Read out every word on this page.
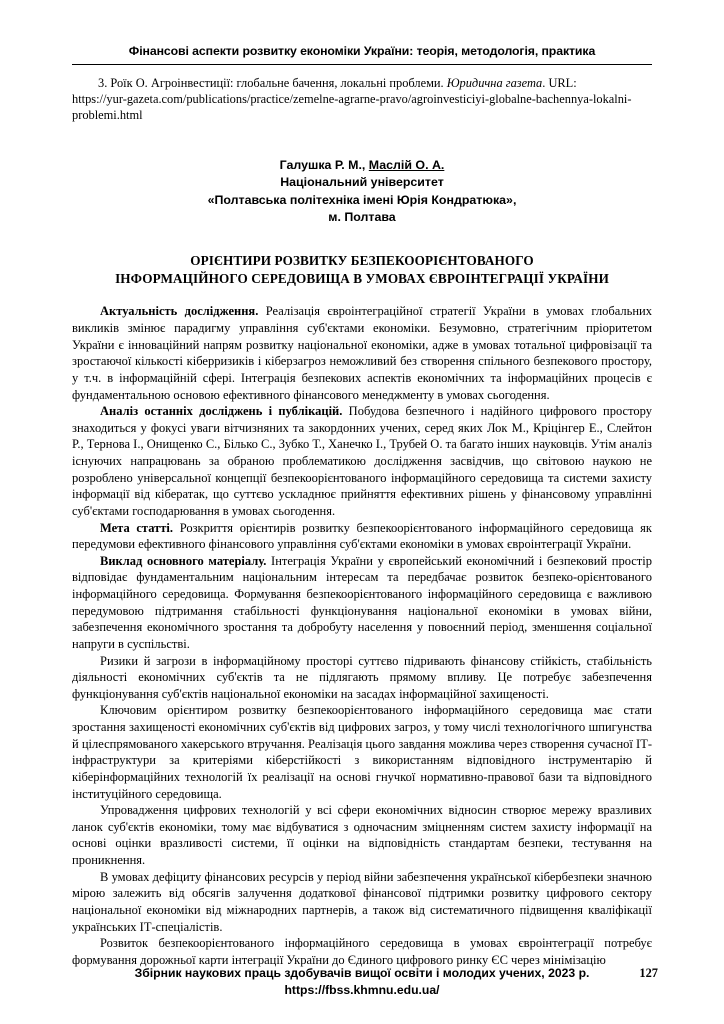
Фінансові аспекти розвитку економіки України: теорія, методологія, практика
3. Роїк О. Агроінвестиції: глобальне бачення, локальні проблеми. Юридична газета. URL:
https://yur-gazeta.com/publications/practice/zemelne-agrarne-pravo/agroinvesticiyi-globalne-bachennya-lokalni-problemi.html
Галушка Р. М., Маслій О. А.
Національний університет
«Полтавська політехніка імені Юрія Кондратюка»,
м. Полтава
ОРІЄНТИРИ РОЗВИТКУ БЕЗПЕКООРІЄНТОВАНОГО
ІНФОРМАЦІЙНОГО СЕРЕДОВИЩА В УМОВАХ ЄВРОІНТЕГРАЦІЇ УКРАЇНИ

Актуальність дослідження. Реалізація євроінтеграційної стратегії України в умовах глобальних викликів змінює парадигму управління суб'єктами економіки. Безумовно, стратегічним пріоритетом України є інноваційний напрям розвитку національної економіки, адже в умовах тотальної цифровізації та зростаючої кількості кіберризиків і кіберзагроз неможливий без створення спільного безпекового простору, у т.ч. в інформаційній сфері. Інтеграція безпекових аспектів економічних та інформаційних процесів є фундаментальною основою ефективного фінансового менеджменту в умовах сьогодення.

Аналіз останніх досліджень і публікацій. Побудова безпечного і надійного цифрового простору знаходиться у фокусі уваги вітчизняних та закордонних учених, серед яких Лок М., Кріцінгер Е., Слейтон Р., Тернова І., Онищенко С., Білько С., Зубко Т., Ханечко І., Трубей О. та багато інших науковців. Утім аналіз існуючих напрацювань за обраною проблематикою дослідження засвідчив, що світовою наукою не розроблено універсальної концепції безпекоорієнтованого інформаційного середовища та системи захисту інформації від кібератак, що суттєво ускладнює прийняття ефективних рішень у фінансовому управлінні суб'єктами господарювання в умовах сьогодення.

Мета статті. Розкриття орієнтирів розвитку безпекоорієнтованого інформаційного середовища як передумови ефективного фінансового управління суб'єктами економіки в умовах євроінтеграції України.

Виклад основного матеріалу. Інтеграція України у європейський економічний і безпековий простір відповідає фундаментальним національним інтересам та передбачає розвиток безпеко-орієнтованого інформаційного середовища. Формування безпекоорієнтованого інформаційного середовища є важливою передумовою підтримання стабільності функціонування національної економіки в умовах війни, забезпечення економічного зростання та добробуту населення у повоєнний період, зменшення соціальної напруги в суспільстві.

Ризики й загрози в інформаційному просторі суттєво підривають фінансову стійкість, стабільність діяльності економічних суб'єктів та не підлягають прямому впливу. Це потребує забезпечення функціонування суб'єктів національної економіки на засадах інформаційної захищеності.

Ключовим орієнтиром розвитку безпекоорієнтованого інформаційного середовища має стати зростання захищеності економічних суб'єктів від цифрових загроз, у тому числі технологічного шпигунства й цілеспрямованого хакерського втручання. Реалізація цього завдання можлива через створення сучасної ІТ-інфраструктури за критеріями кіберстійкості з використанням відповідного інструментарію й кіберінформаційних технологій їх реалізації на основі гнучкої нормативно-правової бази та відповідного інституційного середовища.

Упровадження цифрових технологій у всі сфери економічних відносин створює мережу вразливих ланок суб'єктів економіки, тому має відбуватися з одночасним зміцненням систем захисту інформації на основі оцінки вразливості системи, її оцінки на відповідність стандартам безпеки, тестування на проникнення.

В умовах дефіциту фінансових ресурсів у період війни забезпечення української кібербезпеки значною мірою залежить від обсягів залучення додаткової фінансової підтримки розвитку цифрового сектору національної економіки від міжнародних партнерів, а також від систематичного підвищення кваліфікації українських ІТ-спеціалістів.

Розвиток безпекоорієнтованого інформаційного середовища в умовах євроінтеграції потребує формування дорожньої карти інтеграції України до Єдиного цифрового ринку ЄС через мінімізацію

Збірник наукових праць здобувачів вищої освіти і молодих учених, 2023 р.	127
https://fbss.khmnu.edu.ua/
